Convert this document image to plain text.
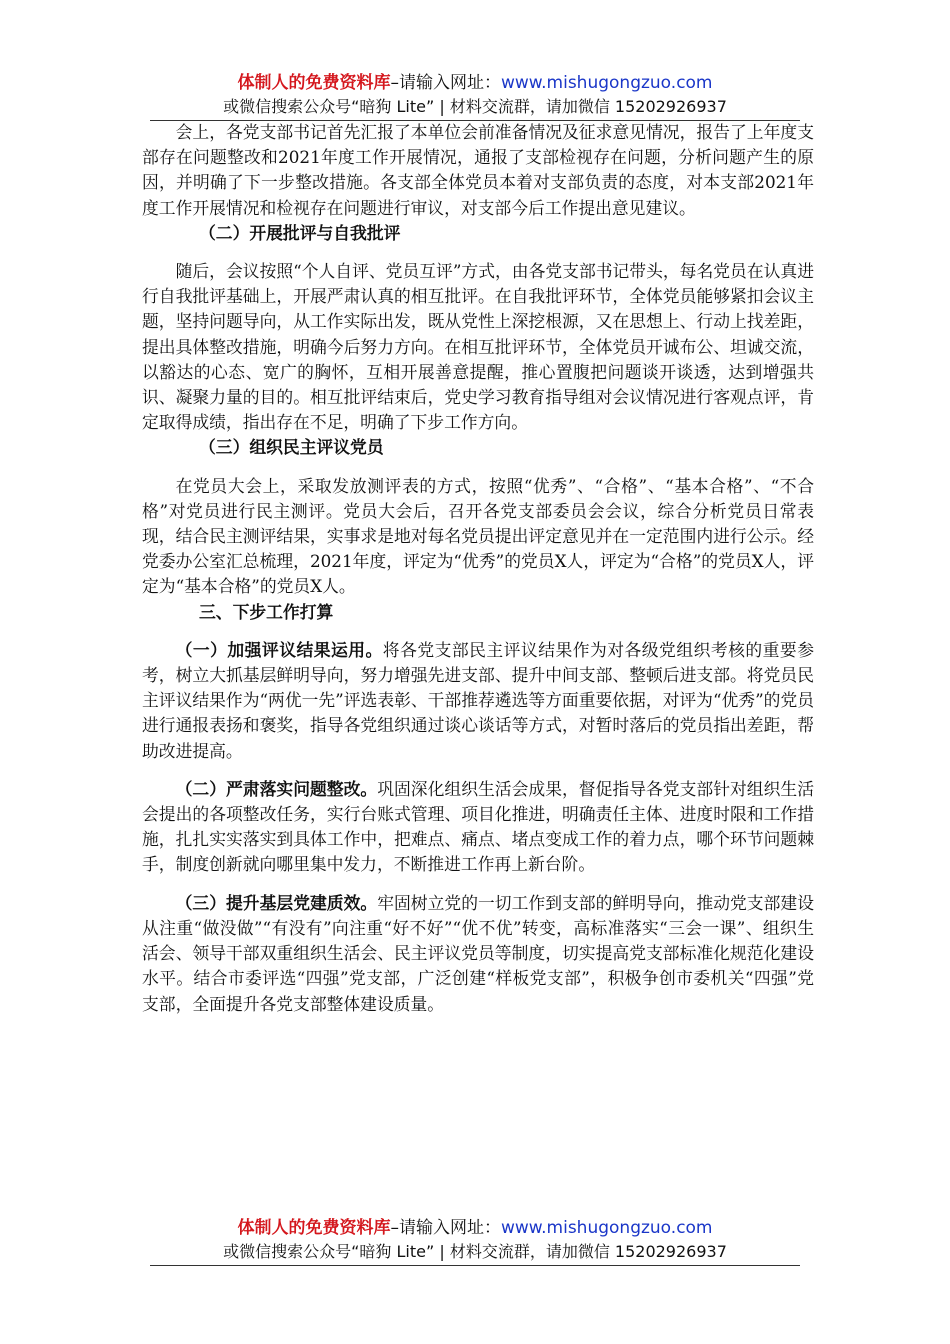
体制人的免费资料库–请输入网址：www.mishugongzuo.com
或微信搜索公众号“暗狗 Lite” | 材料交流群，请加微信 15202926937

会上，各党支部书记首先汇报了本单位会前准备情况及征求意见情况，报告了上年度支部存在问题整改和2021年度工作开展情况，通报了支部检视存在问题，分析问题产生的原因，并明确了下一步整改措施。各支部全体党员本着对支部负责的态度，对本支部2021年度工作开展情况和检视存在问题进行审议，对支部今后工作提出意见建议。

（二）开展批评与自我批评

随后，会议按照“个人自评、党员互评”方式，由各党支部书记带头，每名党员在认真进行自我批评基础上，开展严肃认真的相互批评。在自我批评环节，全体党员能够紧扣会议主题，坚持问题导向，从工作实际出发，既从党性上深挖根源，又在思想上、行动上找差距，提出具体整改措施，明确今后努力方向。在相互批评环节，全体党员开诚布公、坦诚交流，以豁达的心态、宽广的胸怀，互相开展善意提醒，推心置腹把问题谈开谈透，达到增强共识、凝聚力量的目的。相互批评结束后，党史学习教育指导组对会议情况进行客观点评，肯定取得成绩，指出存在不足，明确了下步工作方向。

（三）组织民主评议党员

在党员大会上，采取发放测评表的方式，按照“优秀”、“合格”、“基本合格”、“不合格”对党员进行民主测评。党员大会后，召开各党支部委员会会议，综合分析党员日常表现，结合民主测评结果，实事求是地对每名党员提出评定意见并在一定范围内进行公示。经党委办公室汇总梳理，2021年度，评定为“优秀”的党员X人，评定为“合格”的党员X人，评定为“基本合格”的党员X人。

三、下步工作打算

（一）加强评议结果运用。将各党支部民主评议结果作为对各级党组织考核的重要参考，树立大抓基层鲜明导向，努力增强先进支部、提升中间支部、整顿后进支部。将党员民主评议结果作为“两优一先”评选表彰、干部推荐遴选等方面重要依据，对评为“优秀”的党员进行通报表扬和褒奖，指导各党组织通过谈心谈话等方式，对暂时落后的党员指出差距，帮助改进提高。

（二）严肃落实问题整改。巩固深化组织生活会成果，督促指导各党支部针对组织生活会提出的各项整改任务，实行台账式管理、项目化推进，明确责任主体、进度时限和工作措施，扎扎实实落实到具体工作中，把难点、痛点、堵点变成工作的着力点，哪个环节问题棘手，制度创新就向哪里集中发力，不断推进工作再上新台阶。

（三）提升基层党建质效。牢固树立党的一切工作到支部的鲜明导向，推动党支部建设从注重“做没做”“有没有”向注重“好不好”“优不优”转变，高标准落实“三会一课”、组织生活会、领导干部双重组织生活会、民主评议党员等制度，切实提高党支部标准化规范化建设水平。结合市委评选“四强”党支部，广泛创建“样板党支部”，积极争创市委机关“四强”党支部，全面提升各党支部整体建设质量。

体制人的免费资料库–请输入网址：www.mishugongzuo.com
或微信搜索公众号“暗狗 Lite” | 材料交流群，请加微信 15202926937
